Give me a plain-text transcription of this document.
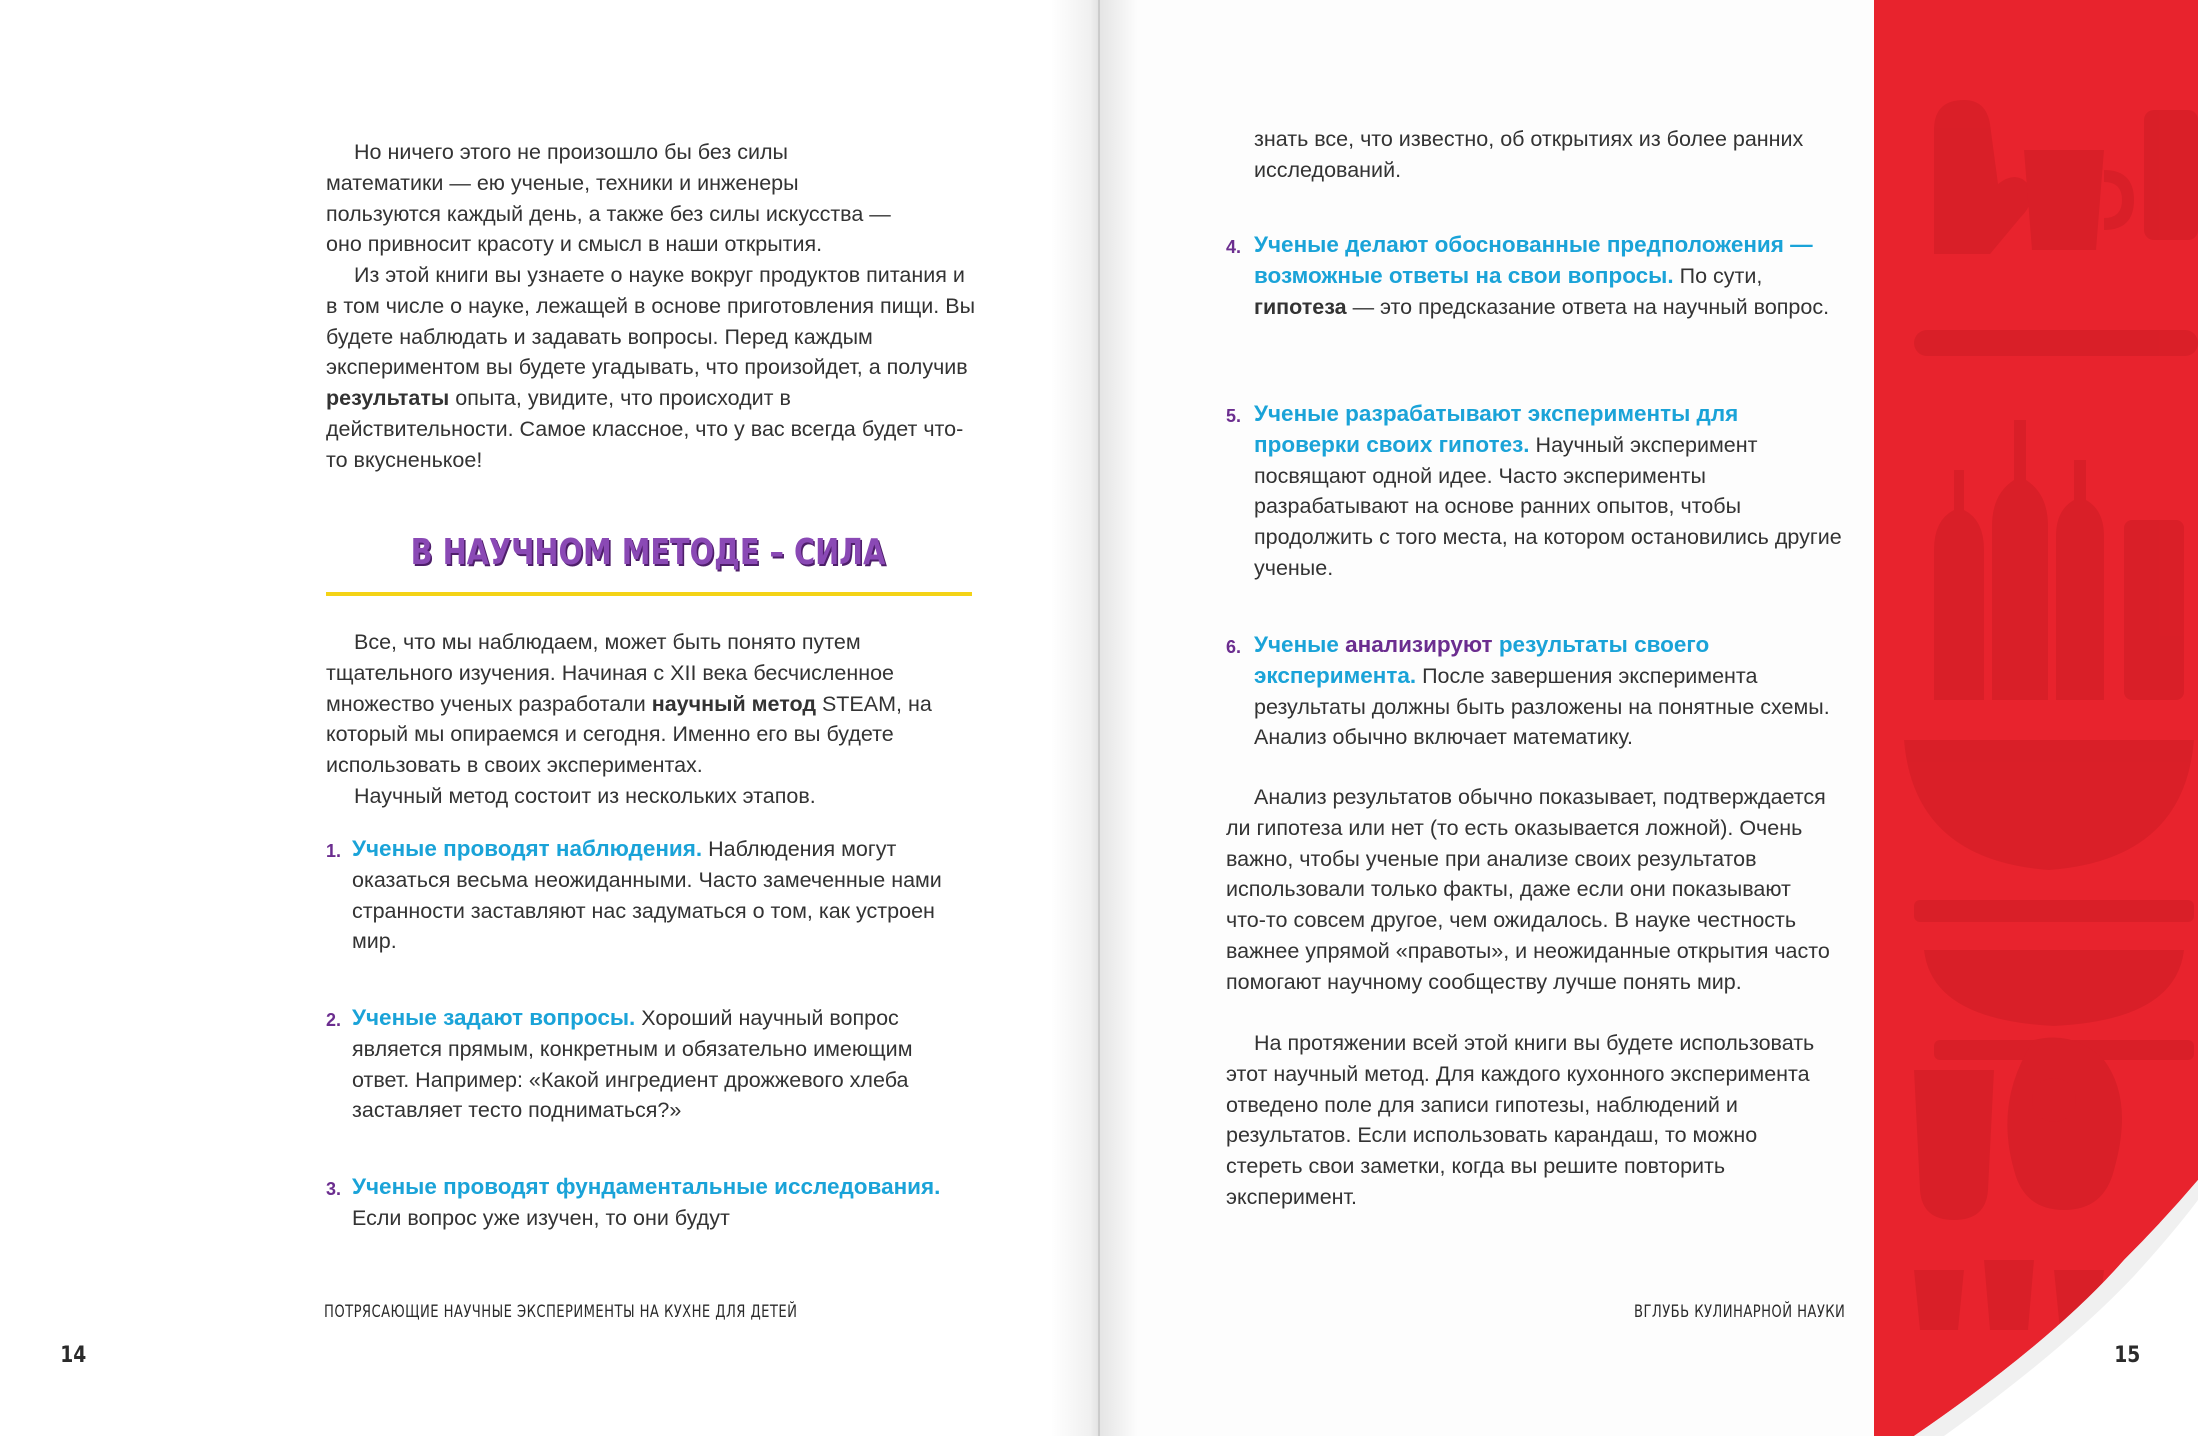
Но ничего этого не произошло бы без силы
математики — ею ученые, техники и инженеры
пользуются каждый день, а также без силы искусства —
оно привносит красоту и смысл в наши открытия.
Из этой книги вы узнаете о науке вокруг продуктов питания и в том числе о науке, лежащей в основе приготовления пищи. Вы будете наблюдать и задавать вопросы. Перед каждым экспериментом вы будете угадывать, что произойдет, а получив результаты опыта, увидите, что происходит в действительности. Самое классное, что у вас всегда будет что-то вкусненькое!
В НАУЧНОМ МЕТОДЕ – СИЛА
Все, что мы наблюдаем, может быть понято путем тщательного изучения. Начиная с XII века бесчисленное множество ученых разработали научный метод STEAM, на который мы опираемся и сегодня. Именно его вы будете использовать в своих экспериментах.
Научный метод состоит из нескольких этапов.
1. Ученые проводят наблюдения. Наблюдения могут оказаться весьма неожиданными. Часто замеченные нами странности заставляют нас задуматься о том, как устроен мир.
2. Ученые задают вопросы. Хороший научный вопрос является прямым, конкретным и обязательно имеющим ответ. Например: «Какой ингредиент дрожжевого хлеба заставляет тесто подниматься?»
3. Ученые проводят фундаментальные исследования. Если вопрос уже изучен, то они будут
ПОТРЯСАЮЩИЕ НАУЧНЫЕ ЭКСПЕРИМЕНТЫ НА КУХНЕ ДЛЯ ДЕТЕЙ
14
знать все, что известно, об открытиях из более ранних исследований.
4. Ученые делают обоснованные предположения — возможные ответы на свои вопросы. По сути, гипотеза — это предсказание ответа на научный вопрос.
5. Ученые разрабатывают эксперименты для проверки своих гипотез. Научный эксперимент посвящают одной идее. Часто эксперименты разрабатывают на основе ранних опытов, чтобы продолжить с того места, на котором остановились другие ученые.
6. Ученые анализируют результаты своего эксперимента. После завершения эксперимента результаты должны быть разложены на понятные схемы. Анализ обычно включает математику.
Анализ результатов обычно показывает, подтверждается ли гипотеза или нет (то есть оказывается ложной). Очень важно, чтобы ученые при анализе своих результатов использовали только факты, даже если они показывают что-то совсем другое, чем ожидалось. В науке честность важнее упрямой «правоты», и неожиданные открытия часто помогают научному сообществу лучше понять мир.
На протяжении всей этой книги вы будете использовать этот научный метод. Для каждого кухонного эксперимента отведено поле для записи гипотезы, наблюдений и результатов. Если использовать карандаш, то можно стереть свои заметки, когда вы решите повторить эксперимент.
ВГЛУБЬ КУЛИНАРНОЙ НАУКИ
15
